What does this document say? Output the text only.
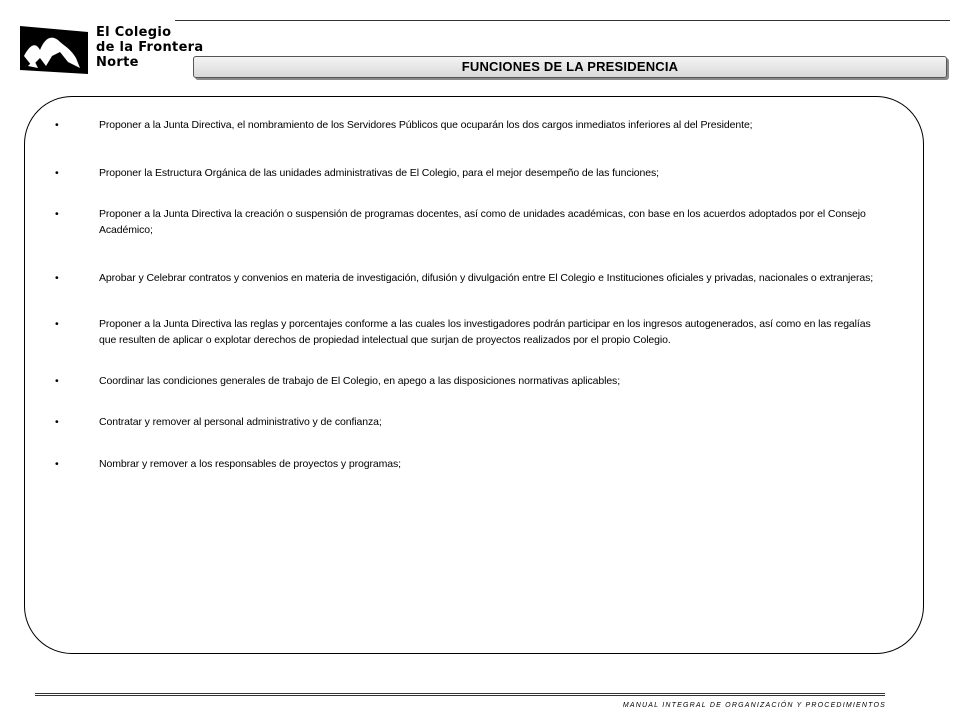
El Colegio
de la Frontera
Norte	FUNCIONES DE LA PRESIDENCIA
•	Proponer a la Junta Directiva, el nombramiento de los Servidores Públicos que ocuparán los dos cargos inmediatos inferiores al del Presidente;
•	Proponer la Estructura Orgánica de las unidades administrativas de El Colegio, para el mejor desempeño de las funciones;
•	Proponer a la Junta Directiva la creación o suspensión de programas docentes, así como de unidades académicas, con base en los acuerdos adoptados por el Consejo Académico;
•	Aprobar y Celebrar contratos y convenios en materia de investigación, difusión y divulgación entre El Colegio e Instituciones oficiales y privadas, nacionales o extranjeras;
•	Proponer a la Junta Directiva las reglas y porcentajes conforme a las cuales los investigadores podrán participar en los ingresos autogenerados, así como en las regalías que resulten de aplicar o explotar derechos de propiedad intelectual que surjan de proyectos realizados por el propio Colegio.
•	Coordinar las condiciones generales de trabajo de El Colegio, en apego a las disposiciones normativas aplicables;
•	Contratar y remover al personal administrativo y de confianza;
•	Nombrar y remover a los responsables de proyectos y programas;
MANUAL INTEGRAL DE ORGANIZACIÓN Y PROCEDIMIENTOS
